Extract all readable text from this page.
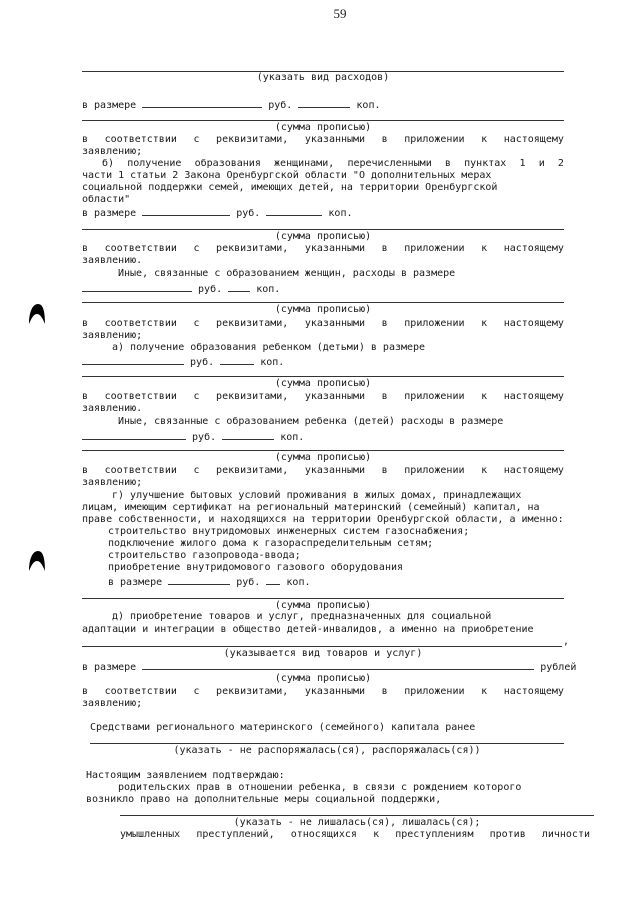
59
(указать вид расходов)
в размере	руб.	коп.
(сумма прописью)
в соответствии с реквизитами, указанными в приложении к настоящему
заявлению;
б) получение образования женщинами, перечисленными в пунктах 1 и 2
части 1 статьи 2 Закона Оренбургской области "О дополнительных мерах
социальной поддержки семей, имеющих детей, на территории Оренбургской
области"
в размере	руб.	коп.
(сумма прописью)
в соответствии с реквизитами, указанными в приложении к настоящему
заявлению.
Иные, связанные с образованием женщин, расходы в размере
руб.	коп.
(сумма прописью)
в соответствии с реквизитами, указанными в приложении к настоящему
заявлению;
а) получение образования ребенком (детьми) в размере
руб.	коп.
(сумма прописью)
в соответствии с реквизитами, указанными в приложении к настоящему
заявлению.
Иные, связанные с образованием ребенка (детей) расходы в размере
руб.	коп.
(сумма прописью)
в соответствии с реквизитами, указанными в приложении к настоящему
заявлению;
г) улучшение бытовых условий проживания в жилых домах, принадлежащих
лицам, имеющим сертификат на региональный материнский (семейный) капитал, на
праве собственности, и находящихся на территории Оренбургской области, а именно:
строительство внутридомовых инженерных систем газоснабжения;
подключение жилого дома к газораспределительным сетям;
строительство газопровода-ввода;
приобретение внутридомового газового оборудования
в размере	руб.	коп.
(сумма прописью)
д) приобретение товаров и услуг, предназначенных для социальной
адаптации и интеграции в общество детей-инвалидов, а именно на приобретение
,
(указывается вид товаров и услуг)
в размере	рублей
(сумма прописью)
в соответствии с реквизитами, указанными в приложении к настоящему
заявлению;
Средствами регионального материнского (семейного) капитала ранее
(указать - не распоряжалась(ся), распоряжалась(ся))
Настоящим заявлением подтверждаю:
родительских прав в отношении ребенка, в связи с рождением которого
возникло право на дополнительные меры социальной поддержки,
(указать - не лишалась(ся), лишалась(ся);
умышленных преступлений, относящихся к преступлениям против личности
